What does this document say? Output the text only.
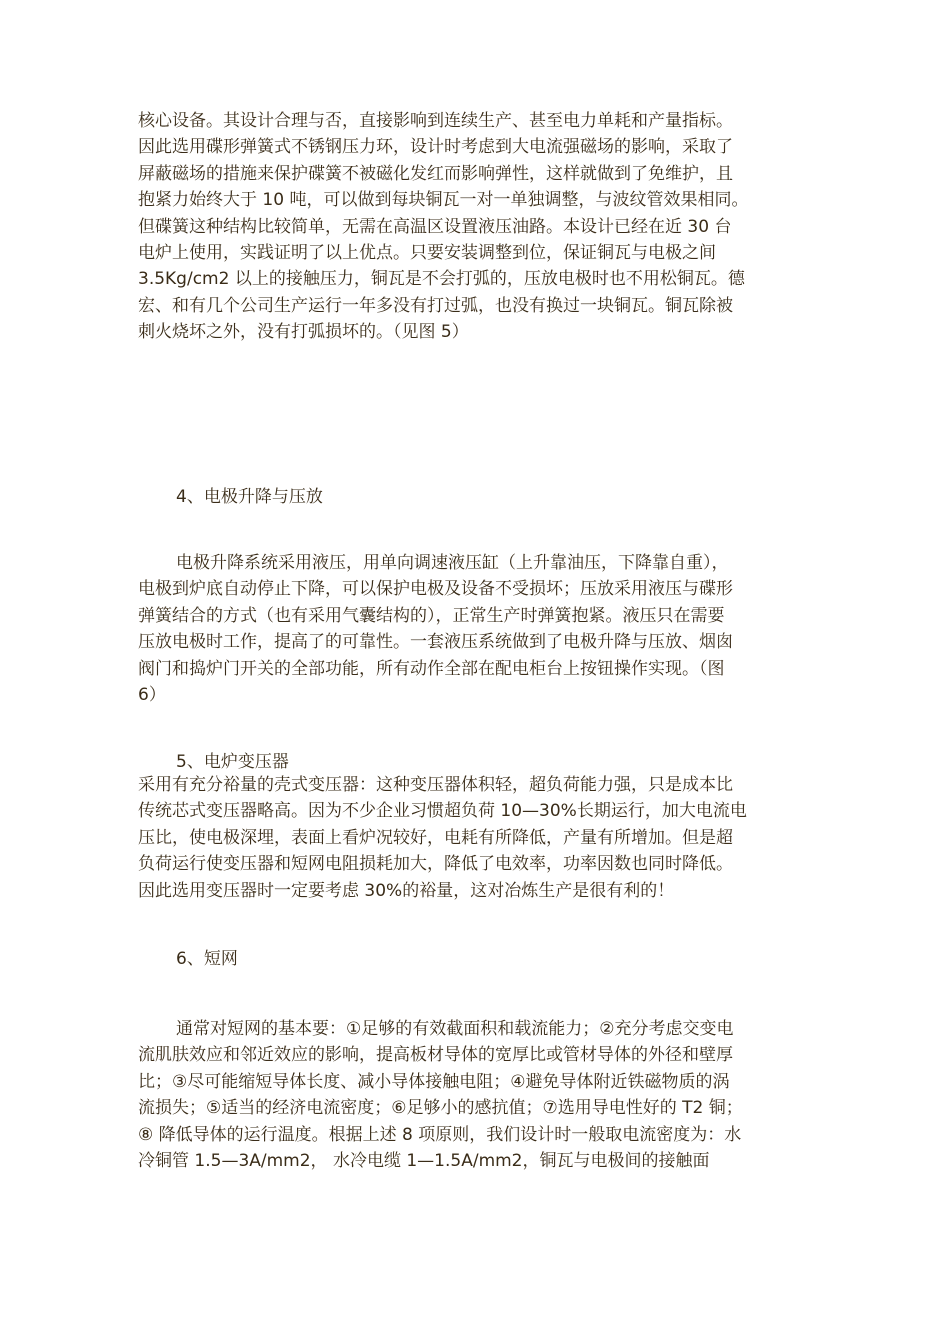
核心设备。其设计合理与否，直接影响到连续生产、甚至电力单耗和产量指标。
因此选用碟形弹簧式不锈钢压力环，设计时考虑到大电流强磁场的影响，采取了
屏蔽磁场的措施来保护碟簧不被磁化发红而影响弹性，这样就做到了免维护，且
抱紧力始终大于 10 吨，可以做到每块铜瓦一对一单独调整，与波纹管效果相同。
但碟簧这种结构比较简单，无需在高温区设置液压油路。本设计已经在近 30 台
电炉上使用，实践证明了以上优点。只要安装调整到位，保证铜瓦与电极之间
3.5Kg/cm2 以上的接触压力，铜瓦是不会打弧的，压放电极时也不用松铜瓦。德
宏、和有几个公司生产运行一年多没有打过弧，也没有换过一块铜瓦。铜瓦除被
刺火烧坏之外，没有打弧损坏的。（见图 5）
4、电极升降与压放
电极升降系统采用液压，用单向调速液压缸（上升靠油压，下降靠自重），
电极到炉底自动停止下降，可以保护电极及设备不受损坏；压放采用液压与碟形
弹簧结合的方式（也有采用气囊结构的），正常生产时弹簧抱紧。液压只在需要
压放电极时工作，提高了的可靠性。一套液压系统做到了电极升降与压放、烟囱
阀门和捣炉门开关的全部功能，所有动作全部在配电柜台上按钮操作实现。（图
6）
5、电炉变压器
采用有充分裕量的壳式变压器：这种变压器体积轻，超负荷能力强，只是成本比
传统芯式变压器略高。因为不少企业习惯超负荷 10—30%长期运行，加大电流电
压比，使电极深埋，表面上看炉况较好，电耗有所降低，产量有所增加。但是超
负荷运行使变压器和短网电阻损耗加大，降低了电效率，功率因数也同时降低。
因此选用变压器时一定要考虑 30%的裕量，这对冶炼生产是很有利的！
6、短网
通常对短网的基本要：①足够的有效截面积和载流能力；②充分考虑交变电
流肌肤效应和邻近效应的影响，提高板材导体的宽厚比或管材导体的外径和壁厚
比；③尽可能缩短导体长度、减小导体接触电阻；④避免导体附近铁磁物质的涡
流损失；⑤适当的经济电流密度；⑥足够小的感抗值；⑦选用导电性好的 T2 铜；
⑧ 降低导体的运行温度。根据上述 8 项原则，我们设计时一般取电流密度为：水
冷铜管 1.5—3A/mm2， 水冷电缆 1—1.5A/mm2，铜瓦与电极间的接触面
